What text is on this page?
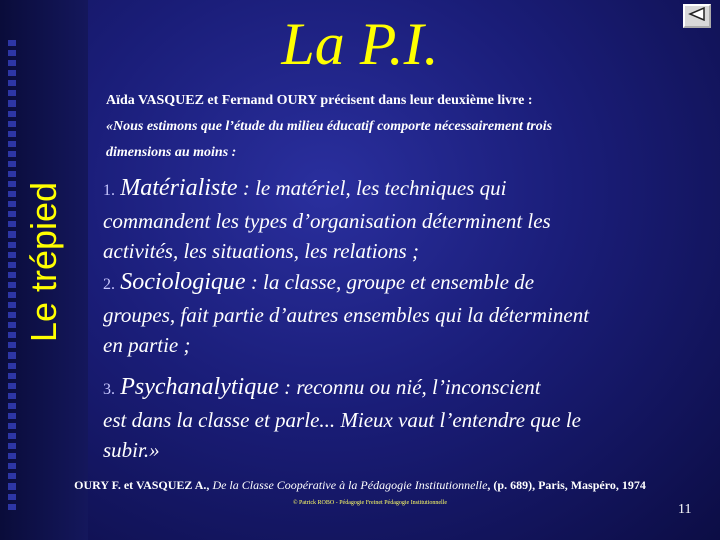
Le trépied
La P.I.
Aïda VASQUEZ et Fernand OURY précisent dans leur deuxième livre :
«Nous estimons que l’étude du milieu éducatif comporte nécessairement trois
dimensions au moins :
1. Matérialiste : le matériel, les techniques qui
commandent les types d’organisation déterminent les
activités, les situations, les relations ;
2. Sociologique : la classe, groupe et ensemble de
groupes, fait partie d’autres ensembles qui la déterminent
en partie ;
3. Psychanalytique : reconnu ou nié, l’inconscient
est dans la classe et parle... Mieux vaut l’entendre que le
subir.»
OURY F. et VASQUEZ A., De la Classe Coopérative à la Pédagogie Institutionnelle, (p. 689), Paris, Maspéro, 1974
© Patrick ROBO - Pédagogie Freinet Pédagogie Institutionnelle	11
